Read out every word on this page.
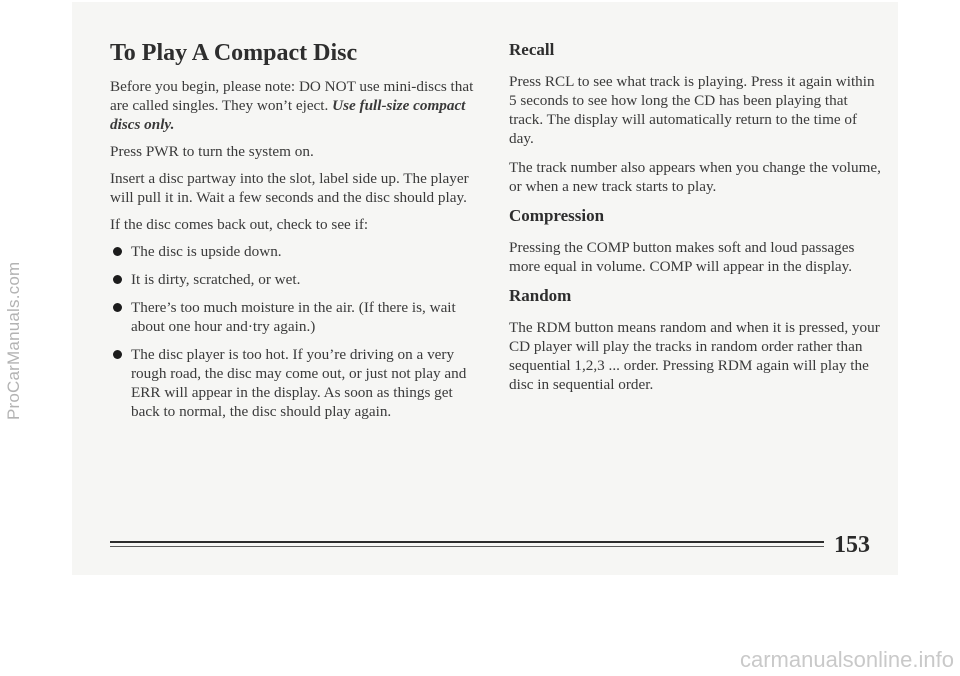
ProCarManuals.com
To Play A Compact Disc

Before you begin, please note: DO NOT use mini-discs that are called singles. They won’t eject. Use full-size compact discs only.

Press PWR to turn the system on.

Insert a disc partway into the slot, label side up. The player will pull it in. Wait a few seconds and the disc should play.

If the disc comes back out, check to see if:

The disc is upside down.
It is dirty, scratched, or wet.
There’s too much moisture in the air. (If there is, wait about one hour and·try again.)
The disc player is too hot. If you’re driving on a very rough road, the disc may come out, or just not play and ERR will appear in the display. As soon as things get back to normal, the disc should play again.
Recall

Press RCL to see what track is playing. Press it again within 5 seconds to see how long the CD has been playing that track. The display will automatically return to the time of day.

The track number also appears when you change the volume, or when a new track starts to play.

Compression

Pressing the COMP button makes soft and loud passages more equal in volume. COMP will appear in the display.

Random

The RDM button means random and when it is pressed, your CD player will play the tracks in random order rather than sequential 1,2,3 ... order. Pressing RDM again will play the disc in sequential order.

153
carmanualsonline.info
